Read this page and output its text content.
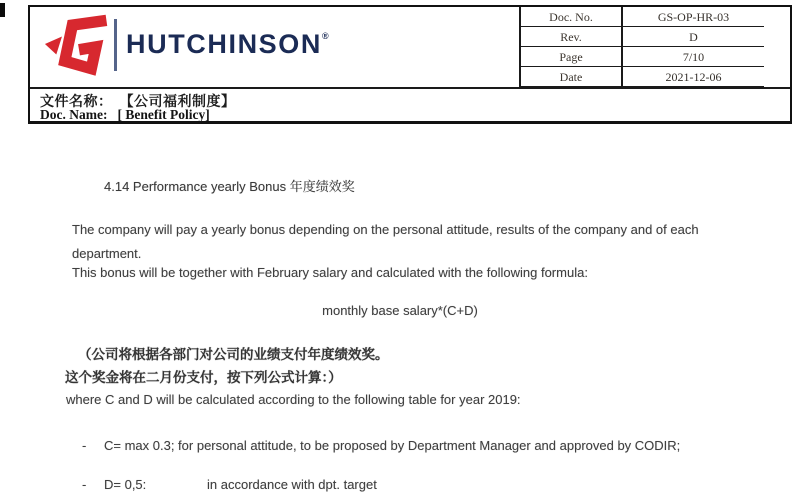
HUTCHINSON®
Doc. No.	GS-OP-HR-03
Rev.	D
Page	7/10
Date	2021-12-06
文件名称： 【公司福利制度】
Doc. Name: [ Benefit Policy]
4.14 Performance yearly Bonus 年度绩效奖
The company will pay a yearly bonus depending on the personal attitude, results of the company and of each
department.
This bonus will be together with February salary and calculated with the following formula:
monthly base salary*(C+D)
（公司将根据各部门对公司的业绩支付年度绩效奖。
这个奖金将在二月份支付，按下列公式计算：）
where C and D will be calculated according to the following table for year 2019:
- C= max 0.3; for personal attitude, to be proposed by Department Manager and approved by CODIR;
- D= 0,5:	in accordance with dpt. target
